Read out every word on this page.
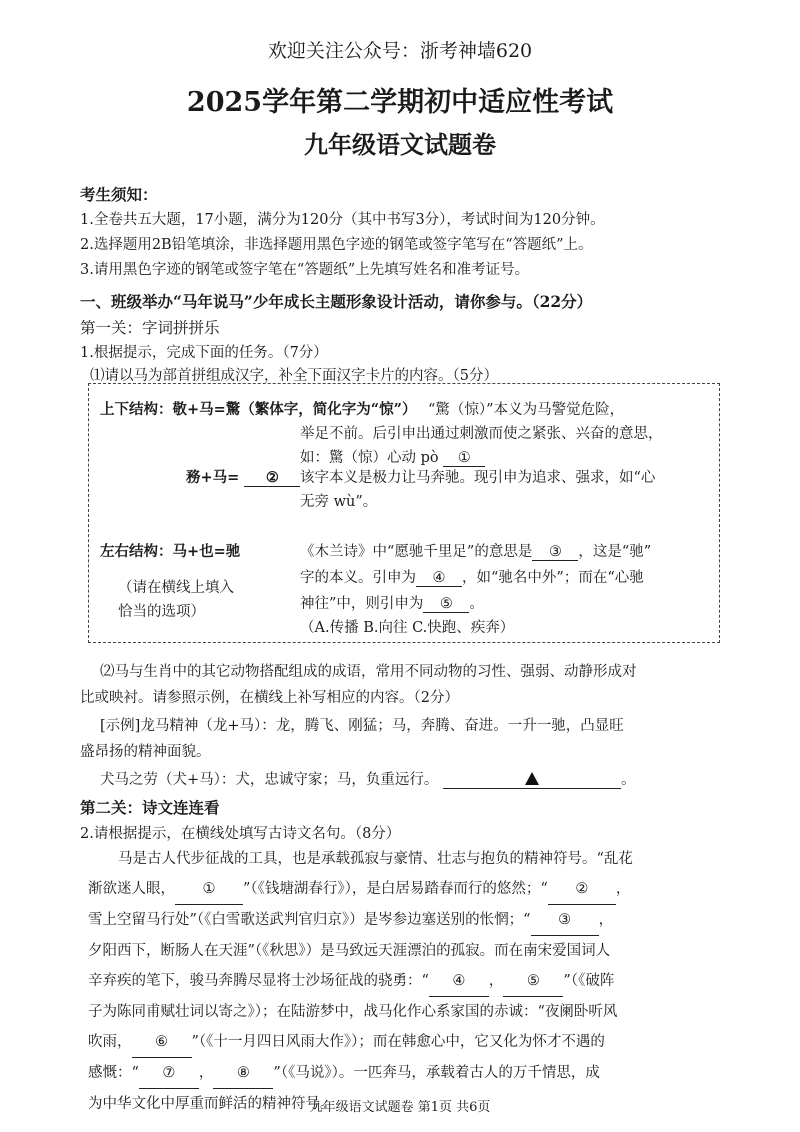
欢迎关注公众号：浙考神墙620
2025学年第二学期初中适应性考试
九年级语文试题卷
考生须知：
1.全卷共五大题，17小题，满分为120分（其中书写3分），考试时间为120分钟。
2.选择题用2B铅笔填涂，非选择题用黑色字迹的钢笔或签字笔写在“答题纸”上。
3.请用黑色字迹的钢笔或签字笔在“答题纸”上先填写姓名和准考证号。
一、班级举办“马年说马”少年成长主题形象设计活动，请你参与。（22分）
第一关：字词拼拼乐
1.根据提示，完成下面的任务。（7分）
⑴请以马为部首拼组成汉字，补全下面汉字卡片的内容。（5分）
上下结构：敬+马=驚（繁体字，简化字为“惊”） “驚（惊）”本义为马警觉危险，
举足不前。后引申出通过刺激而使之紧张、兴奋的意思，
如：驚（惊）心动 pò ①
務+马= ②	该字本义是极力让马奔驰。现引申为追求、强求，如“心
无旁 wù”。
左右结构：马+也=驰	《木兰诗》中“愿驰千里足”的意思是 ③ ，这是“驰”
字的本义。引申为 ④ ，如“驰名中外”；而在“心驰
神往”中，则引申为 ⑤ 。
（A.传播 B.向往 C.快跑、疾奔）
（请在横线上填入
恰当的选项）
⑵马与生肖中的其它动物搭配组成的成语，常用不同动物的习性、强弱、动静形成对
比或映衬。请参照示例，在横线上补写相应的内容。（2分）
[示例]龙马精神（龙+马）：龙，腾飞、刚猛；马，奔腾、奋进。一升一驰，凸显旺
盛昂扬的精神面貌。
犬马之劳（犬+马）：犬，忠诚守家；马，负重远行。	。
第二关：诗文连连看
2.请根据提示，在横线处填写古诗文名句。（8分）
马是古人代步征战的工具，也是承载孤寂与豪情、壮志与抱负的精神符号。“乱花
渐欲迷人眼， ① ”（《钱塘湖春行》），是白居易踏春而行的悠然；“ ② ，
雪上空留马行处”（《白雪歌送武判官归京》）是岑参边塞送别的怅惘；“ ③ ，
夕阳西下，断肠人在天涯”（《秋思》）是马致远天涯漂泊的孤寂。而在南宋爱国词人
辛弃疾的笔下，骏马奔腾尽显将士沙场征战的骁勇：“ ④ ， ⑤ ”（《破阵
子为陈同甫赋壮词以寄之》）；在陆游梦中，战马化作心系家国的赤诚：“夜阑卧听风
吹雨， ⑥ ”（《十一月四日风雨大作》）；而在韩愈心中，它又化为怀才不遇的
感慨：“ ⑦ ， ⑧ ”（《马说》）。一匹奔马，承载着古人的万千情思，成
为中华文化中厚重而鲜活的精神符号。
九年级语文试题卷 第1页 共6页
